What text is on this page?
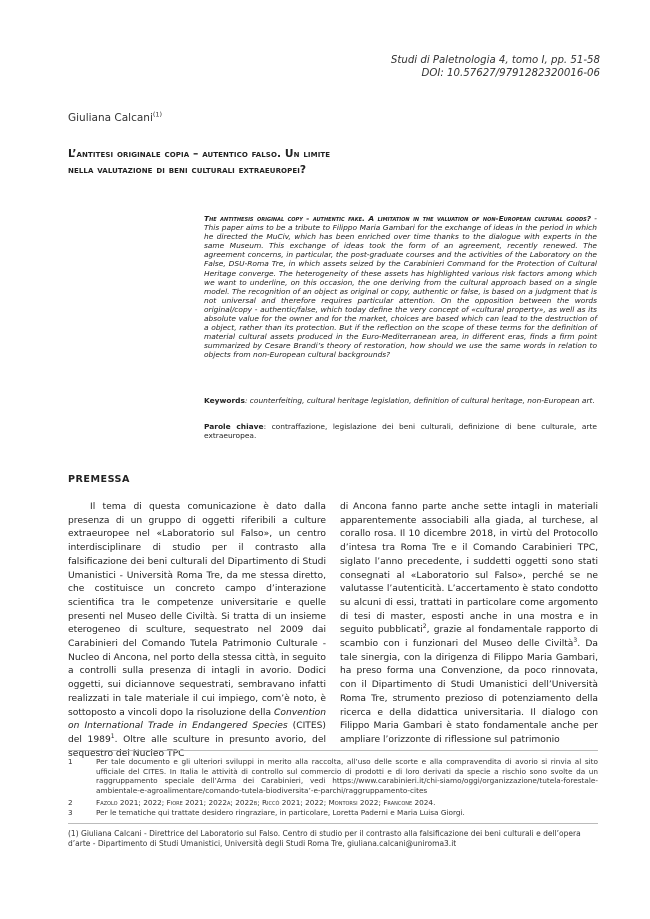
Studi di Paletnologia 4, tomo I, pp. 51-58
DOI: 10.57627/9791282320016-06
Giuliana Calcani$^{(1)}$
L’antitesi originale copia – autentico falso. Un limite
nella valutazione di beni culturali extraeuropei?
The antithesis original copy - authentic fake. A limitation in the valuation of non-European cultural goods? - This paper aims to be a tribute to Filippo Maria Gambari for the exchange of ideas in the period in which he directed the MuCiv, which has been enriched over time thanks to the dialogue with experts in the same Museum. This exchange of ideas took the form of an agreement, recently renewed. The agreement concerns, in particular, the post-graduate courses and the activities of the Laboratory on the False, DSU-Roma Tre, in which assets seized by the Carabinieri Command for the Protection of Cultural Heritage converge. The heterogeneity of these assets has highlighted various risk factors among which we want to underline, on this occasion, the one deriving from the cultural approach based on a single model. The recognition of an object as original or copy, authentic or false, is based on a judgment that is not universal and therefore requires particular attention. On the opposition between the words original/copy - authentic/false, which today define the very concept of «cultural property», as well as its absolute value for the owner and for the market, choices are based which can lead to the destruction of a object, rather than its protection. But if the reflection on the scope of these terms for the definition of material cultural assets produced in the Euro-Mediterranean area, in different eras, finds a firm point summarized by Cesare Brandi’s theory of restoration, how should we use the same words in relation to objects from non-European cultural backgrounds?
Keywords: counterfeiting, cultural heritage legislation, definition of cultural heritage, non-European art.
Parole chiave: contraffazione, legislazione dei beni culturali, definizione di bene culturale, arte extraeuropea.
PREMESSA
Il tema di questa comunicazione è dato dalla presenza di un gruppo di oggetti riferibili a culture extraeuropee nel «Laboratorio sul Falso», un centro interdisciplinare di studio per il contrasto alla falsificazione dei beni culturali del Dipartimento di Studi Umanistici - Università Roma Tre, da me stessa diretto, che costituisce un concreto campo d’interazione scientifica tra le competenze universitarie e quelle presenti nel Museo delle Civiltà. Si tratta di un insieme eterogeneo di sculture, sequestrato nel 2009 dai Carabinieri del Comando Tutela Patrimonio Culturale - Nucleo di Ancona, nel porto della stessa città, in seguito a controlli sulla presenza di intagli in avorio. Dodici oggetti, sui diciannove sequestrati, sembravano infatti realizzati in tale materiale il cui impiego, com’è noto, è sottoposto a vincoli dopo la risoluzione della Convention on International Trade in Endangered Species (CITES) del 1989$^1$. Oltre alle sculture in presunto avorio, del sequestro del Nucleo TPC
di Ancona fanno parte anche sette intagli in materiali apparentemente associabili alla giada, al turchese, al corallo rosa. Il 10 dicembre 2018, in virtù del Protocollo d’intesa tra Roma Tre e il Comando Carabinieri TPC, siglato l’anno precedente, i suddetti oggetti sono stati consegnati al «Laboratorio sul Falso», perché se ne valutasse l’autenticità. L’accertamento è stato condotto su alcuni di essi, trattati in particolare come argomento di tesi di master, esposti anche in una mostra e in seguito pubblicati$^2$, grazie al fondamentale rapporto di scambio con i funzionari del Museo delle Civiltà$^3$. Da tale sinergia, con la dirigenza di Filippo Maria Gambari, ha preso forma una Convenzione, da poco rinnovata, con il Dipartimento di Studi Umanistici dell’Università Roma Tre, strumento prezioso di potenziamento della ricerca e della didattica universitaria. Il dialogo con Filippo Maria Gambari è stato fondamentale anche per ampliare l’orizzonte di riflessione sul patrimonio
1	Per tale documento e gli ulteriori sviluppi in merito alla raccolta, all’uso delle scorte e alla compravendita di avorio si rinvia al sito ufficiale del CITES. In Italia le attività di controllo sul commercio di prodotti e di loro derivati da specie a rischio sono svolte da un raggruppamento speciale dell’Arma dei Carabinieri, vedi https://www.carabinieri.it/chi-siamo/oggi/organizzazione/tutela-forestale-ambientale-e-agroalimentare/comando-tutela-biodiversita’-e-parchi/raggruppamento-cites
2	Fazolo 2021; 2022; Fiore 2021; 2022a; 2022b; Riccò 2021; 2022; Montorsi 2022; Francone 2024.
3	Per le tematiche qui trattate desidero ringraziare, in particolare, Loretta Paderni e Maria Luisa Giorgi.
(1) Giuliana Calcani - Direttrice del Laboratorio sul Falso. Centro di studio per il contrasto alla falsificazione dei beni culturali e dell’opera d’arte - Dipartimento di Studi Umanistici, Università degli Studi Roma Tre, giuliana.calcani@uniroma3.it
